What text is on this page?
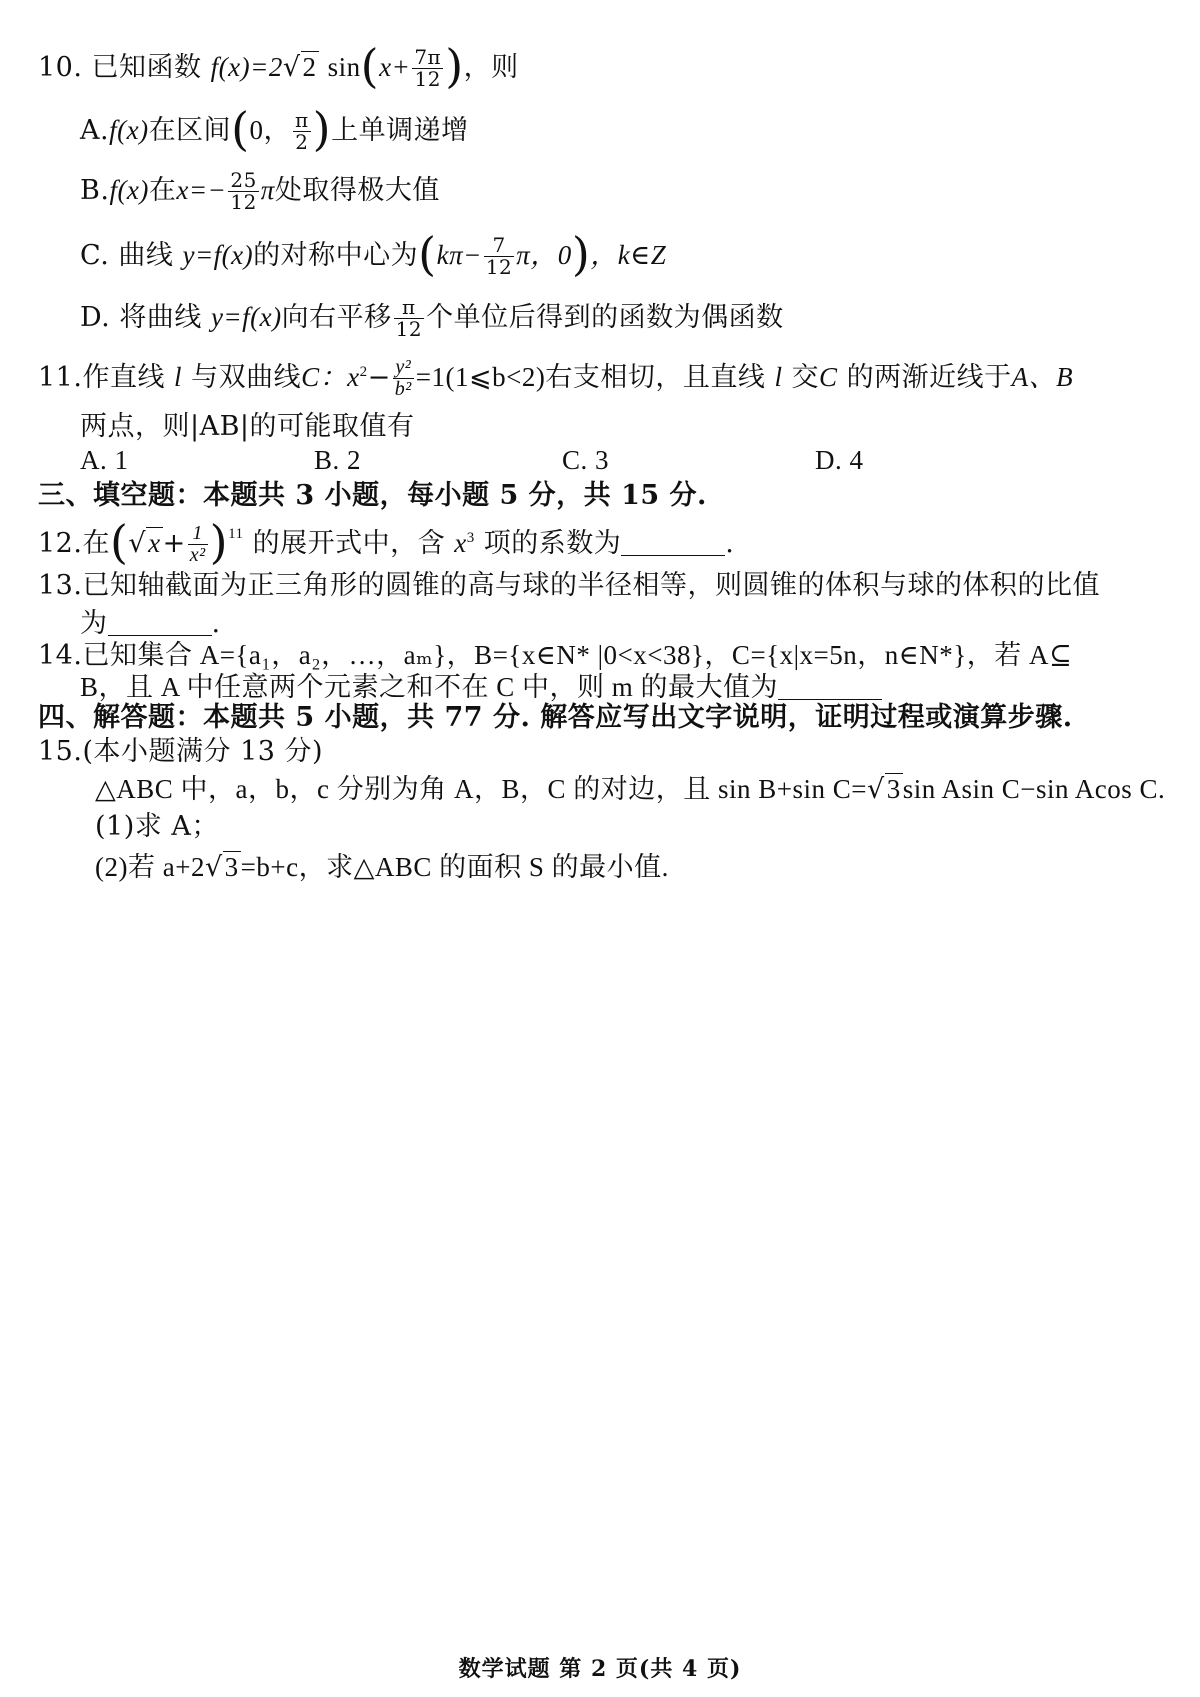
10. 已知函数 f(x)=2√2 $\sin(x+ \frac{7\pi}{12}$ )，则
A.f(x)在区间(0， $\frac{\pi}{2}$ )上单调递增
B.f(x)在$x=- \frac{25}{12}$ π处取得极大值
C. 曲线 y=f(x)的对称中心为($k\pi- \frac{7}{12}$ π，0)，k∈Z
D. 将曲线 y=f(x)向右平移 $\frac{\pi}{12}$ 个单位后得到的函数为偶函数
11.作直线 l 与双曲线C：$x^2- \frac{\text{y²}}{\text{b²}}$ =1(1⩽b<2)右支相切，且直线 l 交C 的两渐近线于A、B
两点，则|AB|的可能取值有
A. 1	B. 2	C. 3	D. 4
三、填空题：本题共 3 小题，每小题 5 分，共 15 分.
12.在$(√x+ \frac{1}{\text{x²}} )^{11}$ 的展开式中，含 $x^3$ 项的系数为	.
13.已知轴截面为正三角形的圆锥的高与球的半径相等，则圆锥的体积与球的体积的比值
为	.
14.已知集合 A={a₁，a₂，…，aₘ}，B={x∈N* |0<x<38}，C={x|x=5n，n∈N*}，若 A⊆
B，且 A 中任意两个元素之和不在 C 中，则 m 的最大值为
四、解答题：本题共 5 小题，共 77 分. 解答应写出文字说明，证明过程或演算步骤.
15.(本小题满分 13 分)
△ABC 中，a，b，c 分别为角 A，B，C 的对边，且 sin B+sin C=√3sin Asin C−sin Acos C.
(1)求 A；
(2)若 a+2√3=b+c，求△ABC 的面积 S 的最小值.
数学试题 第 2 页(共 4 页)
